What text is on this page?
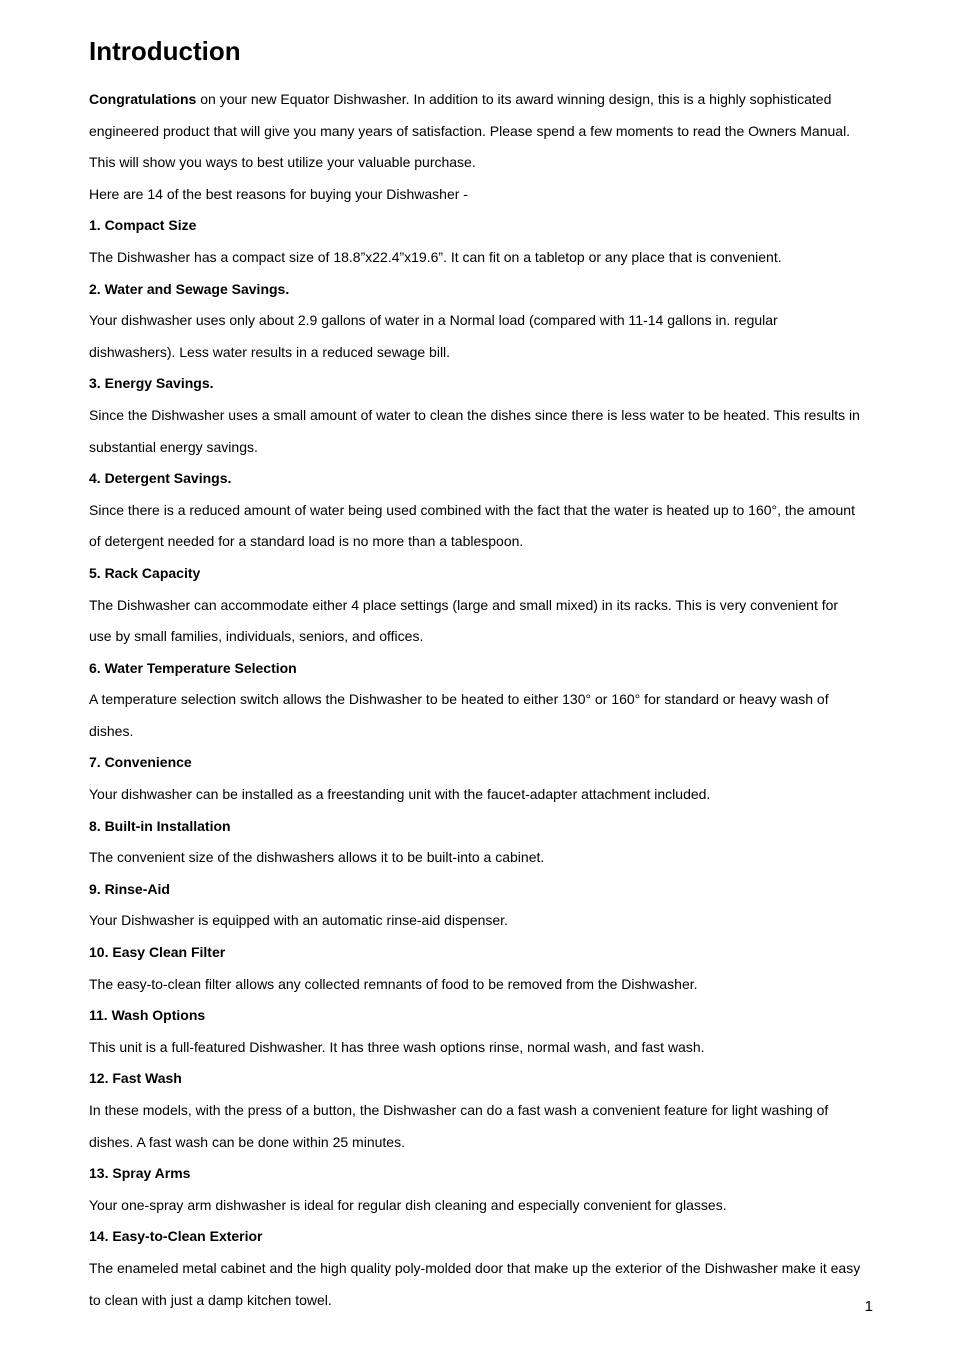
Introduction

Congratulations on your new Equator Dishwasher. In addition to its award winning design, this is a highly sophisticated

engineered product that will give you many years of satisfaction. Please spend a few moments to read the Owners Manual.

This will show you ways to best utilize your valuable purchase.

Here are 14 of the best reasons for buying your Dishwasher -

1. Compact Size

The Dishwasher has a compact size of 18.8”x22.4”x19.6”. It can fit on a tabletop or any place that is convenient.

2. Water and Sewage Savings.

Your dishwasher uses only about 2.9 gallons of water in a Normal load (compared with 11-14 gallons in. regular

dishwashers). Less water results in a reduced sewage bill.

3. Energy Savings.

Since the Dishwasher uses a small amount of water to clean the dishes since there is less water to be heated. This results in

substantial energy savings.

4. Detergent Savings.

Since there is a reduced amount of water being used combined with the fact that the water is heated up to 160°, the amount

of detergent needed for a standard load is no more than a tablespoon.

5. Rack Capacity

The Dishwasher can accommodate either 4 place settings (large and small mixed) in its racks. This is very convenient for

use by small families, individuals, seniors, and offices.

6. Water Temperature Selection

A temperature selection switch allows the Dishwasher to be heated to either 130° or 160° for standard or heavy wash of

dishes.

7. Convenience

Your dishwasher can be installed as a freestanding unit with the faucet-adapter attachment included.

8. Built-in Installation

The convenient size of the dishwashers allows it to be built-into a cabinet.

9. Rinse-Aid

Your Dishwasher is equipped with an automatic rinse-aid dispenser.

10. Easy Clean Filter

The easy-to-clean filter allows any collected remnants of food to be removed from the Dishwasher.

11. Wash Options

This unit is a full-featured Dishwasher. It has three wash options rinse, normal wash, and fast wash.

12. Fast Wash

In these models, with the press of a button, the Dishwasher can do a fast wash a convenient feature for light washing of

dishes. A fast wash can be done within 25 minutes.

13. Spray Arms

Your one-spray arm dishwasher is ideal for regular dish cleaning and especially convenient for glasses.

14. Easy-to-Clean Exterior

The enameled metal cabinet and the high quality poly-molded door that make up the exterior of the Dishwasher make it easy

to clean with just a damp kitchen towel.	1
